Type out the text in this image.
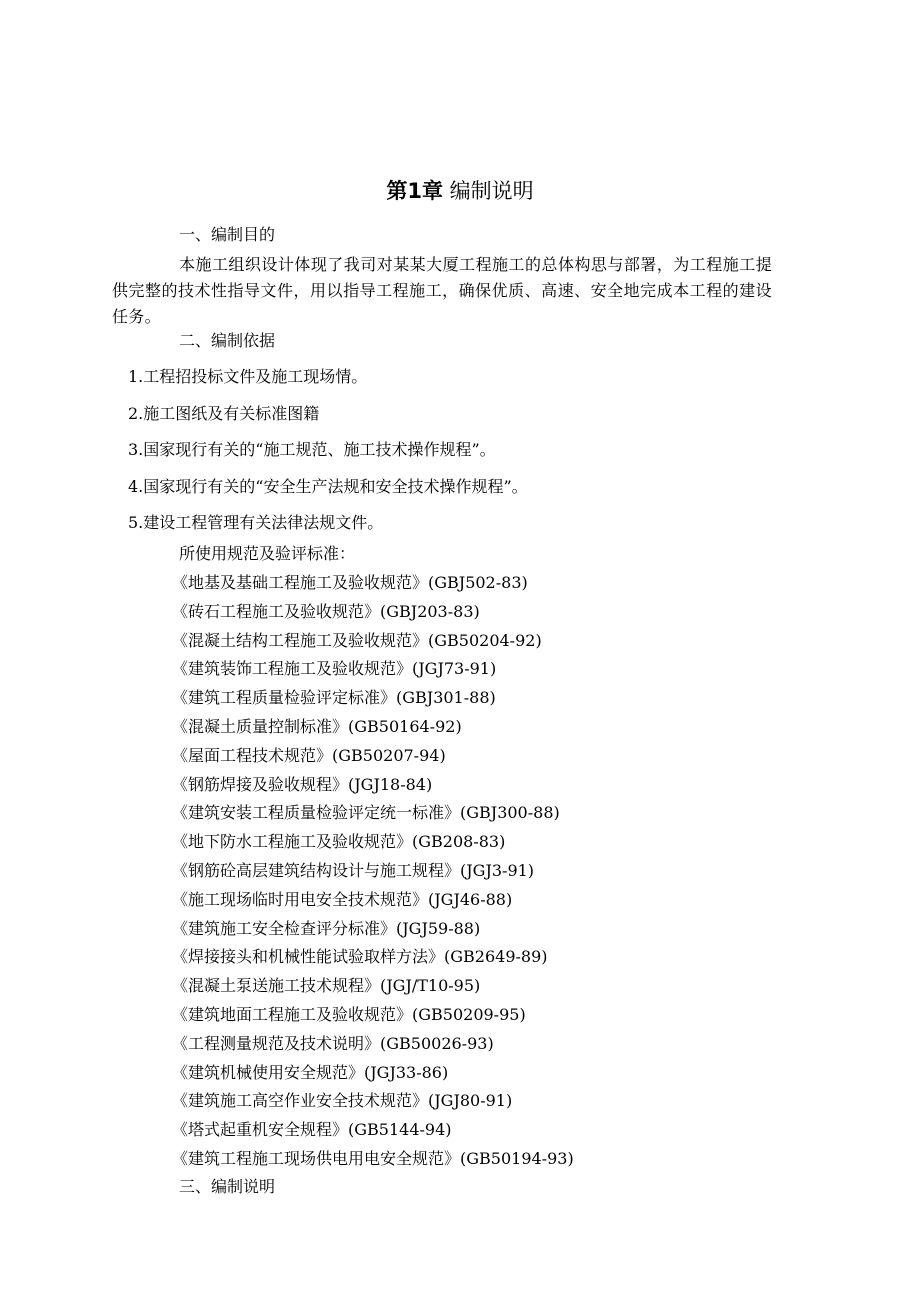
第1章 编制说明
一、编制目的
本施工组织设计体现了我司对某某大厦工程施工的总体构思与部署，为工程施工提供完整的技术性指导文件，用以指导工程施工，确保优质、高速、安全地完成本工程的建设任务。
二、编制依据
1.工程招投标文件及施工现场情。
2.施工图纸及有关标准图籍
3.国家现行有关的“施工规范、施工技术操作规程”。
4.国家现行有关的“安全生产法规和安全技术操作规程”。
5.建设工程管理有关法律法规文件。
所使用规范及验评标准：
《地基及基础工程施工及验收规范》(GBJ502-83)
《砖石工程施工及验收规范》(GBJ203-83)
《混凝土结构工程施工及验收规范》(GB50204-92)
《建筑装饰工程施工及验收规范》(JGJ73-91)
《建筑工程质量检验评定标准》(GBJ301-88)
《混凝土质量控制标准》(GB50164-92)
《屋面工程技术规范》(GB50207-94)
《钢筋焊接及验收规程》(JGJ18-84)
《建筑安装工程质量检验评定统一标准》(GBJ300-88)
《地下防水工程施工及验收规范》(GB208-83)
《钢筋砼高层建筑结构设计与施工规程》(JGJ3-91)
《施工现场临时用电安全技术规范》(JGJ46-88)
《建筑施工安全检查评分标准》(JGJ59-88)
《焊接接头和机械性能试验取样方法》(GB2649-89)
《混凝土泵送施工技术规程》(JGJ/T10-95)
《建筑地面工程施工及验收规范》(GB50209-95)
《工程测量规范及技术说明》(GB50026-93)
《建筑机械使用安全规范》(JGJ33-86)
《建筑施工高空作业安全技术规范》(JGJ80-91)
《塔式起重机安全规程》(GB5144-94)
《建筑工程施工现场供电用电安全规范》(GB50194-93)
三、编制说明
